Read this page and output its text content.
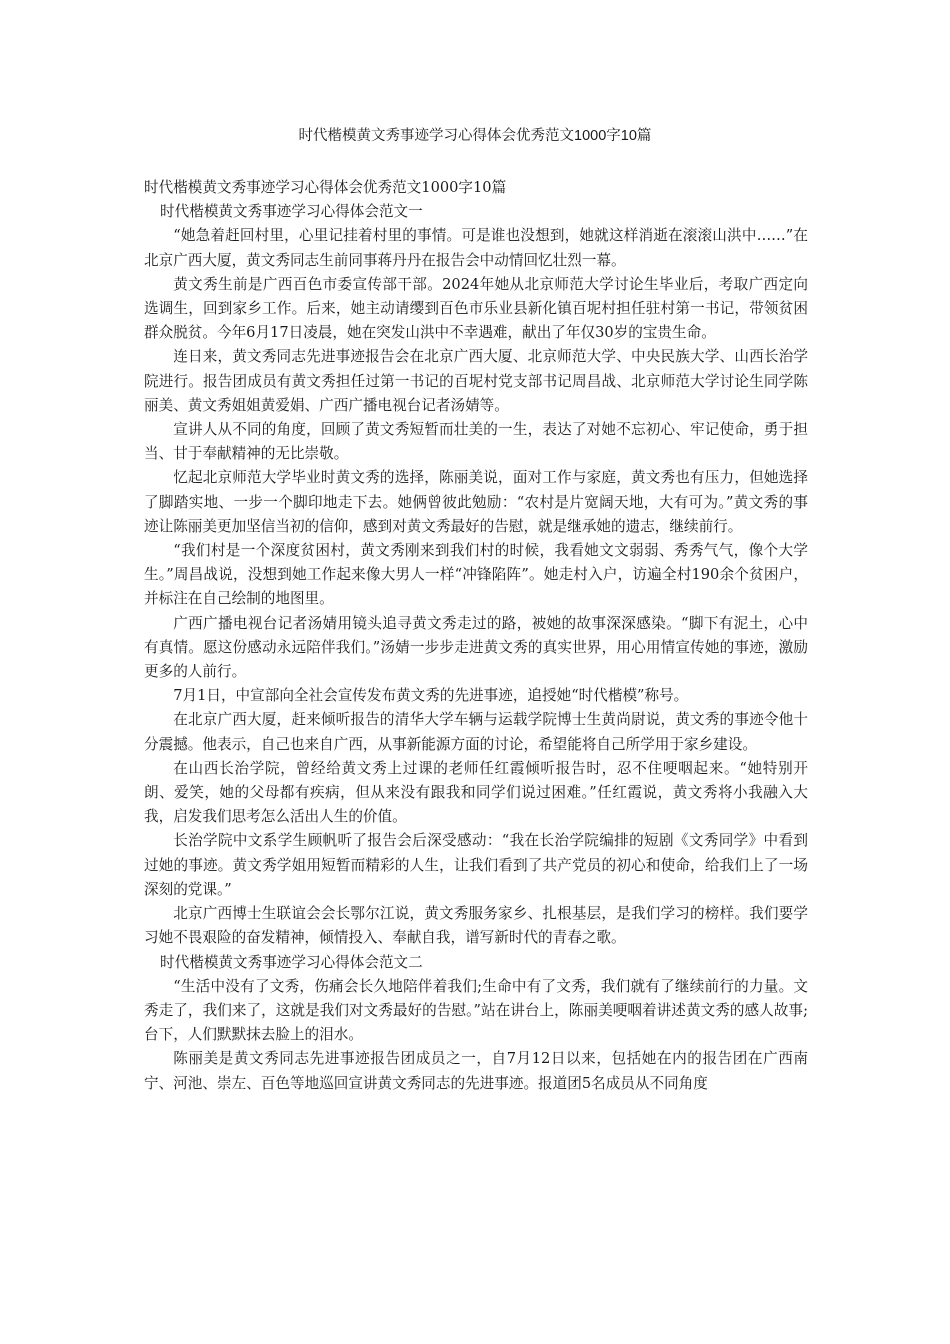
时代楷模黄文秀事迹学习心得体会优秀范文1000字10篇

时代楷模黄文秀事迹学习心得体会优秀范文1000字10篇

时代楷模黄文秀事迹学习心得体会范文一

“她急着赶回村里，心里记挂着村里的事情。可是谁也没想到，她就这样消逝在滚滚山洪中……”在北京广西大厦，黄文秀同志生前同事蒋丹丹在报告会中动情回忆壮烈一幕。

黄文秀生前是广西百色市委宣传部干部。2024年她从北京师范大学讨论生毕业后，考取广西定向选调生，回到家乡工作。后来，她主动请缨到百色市乐业县新化镇百坭村担任驻村第一书记，带领贫困群众脱贫。今年6月17日凌晨，她在突发山洪中不幸遇难，献出了年仅30岁的宝贵生命。

连日来，黄文秀同志先进事迹报告会在北京广西大厦、北京师范大学、中央民族大学、山西长治学院进行。报告团成员有黄文秀担任过第一书记的百坭村党支部书记周昌战、北京师范大学讨论生同学陈丽美、黄文秀姐姐黄爱娟、广西广播电视台记者汤婧等。

宣讲人从不同的角度，回顾了黄文秀短暂而壮美的一生，表达了对她不忘初心、牢记使命，勇于担当、甘于奉献精神的无比崇敬。

忆起北京师范大学毕业时黄文秀的选择，陈丽美说，面对工作与家庭，黄文秀也有压力，但她选择了脚踏实地、一步一个脚印地走下去。她俩曾彼此勉励：“农村是片宽阔天地，大有可为。”黄文秀的事迹让陈丽美更加坚信当初的信仰，感到对黄文秀最好的告慰，就是继承她的遗志，继续前行。

“我们村是一个深度贫困村，黄文秀刚来到我们村的时候，我看她文文弱弱、秀秀气气，像个大学生。”周昌战说，没想到她工作起来像大男人一样“冲锋陷阵”。她走村入户，访遍全村190余个贫困户，并标注在自己绘制的地图里。

广西广播电视台记者汤婧用镜头追寻黄文秀走过的路，被她的故事深深感染。“脚下有泥土，心中有真情。愿这份感动永远陪伴我们。”汤婧一步步走进黄文秀的真实世界，用心用情宣传她的事迹，激励更多的人前行。

7月1日，中宣部向全社会宣传发布黄文秀的先进事迹，追授她“时代楷模”称号。

在北京广西大厦，赶来倾听报告的清华大学车辆与运载学院博士生黄尚尉说，黄文秀的事迹令他十分震撼。他表示，自己也来自广西，从事新能源方面的讨论，希望能将自己所学用于家乡建设。

在山西长治学院，曾经给黄文秀上过课的老师任红霞倾听报告时，忍不住哽咽起来。“她特别开朗、爱笑，她的父母都有疾病，但从来没有跟我和同学们说过困难。”任红霞说，黄文秀将小我融入大我，启发我们思考怎么活出人生的价值。

长治学院中文系学生顾帆听了报告会后深受感动：“我在长治学院编排的短剧《文秀同学》中看到过她的事迹。黄文秀学姐用短暂而精彩的人生，让我们看到了共产党员的初心和使命，给我们上了一场深刻的党课。”

北京广西博士生联谊会会长鄂尔江说，黄文秀服务家乡、扎根基层，是我们学习的榜样。我们要学习她不畏艰险的奋发精神，倾情投入、奉献自我，谱写新时代的青春之歌。

时代楷模黄文秀事迹学习心得体会范文二

“生活中没有了文秀，伤痛会长久地陪伴着我们;生命中有了文秀，我们就有了继续前行的力量。文秀走了，我们来了，这就是我们对文秀最好的告慰。”站在讲台上，陈丽美哽咽着讲述黄文秀的感人故事;台下，人们默默抹去脸上的泪水。

陈丽美是黄文秀同志先进事迹报告团成员之一，自7月12日以来，包括她在内的报告团在广西南宁、河池、崇左、百色等地巡回宣讲黄文秀同志的先进事迹。报道团5名成员从不同角度
